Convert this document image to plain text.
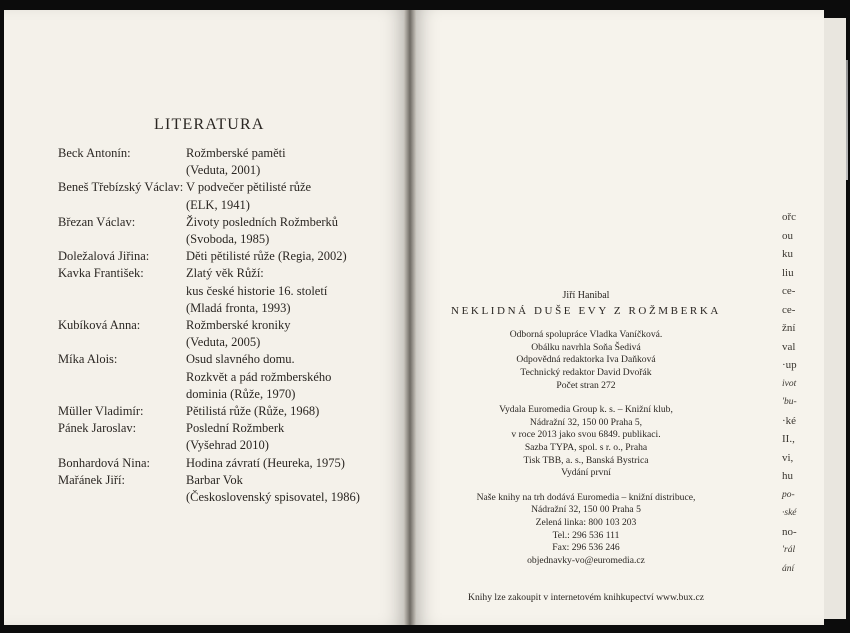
LITERATURA
Beck Antonín:	Rožmberské paměti
(Veduta, 2001)
Beneš Třebízský Václav: V podvečer pětilisté růže
(ELK, 1941)
Březan Václav:	Životy posledních Rožmberků
(Svoboda, 1985)
Doležalová Jiřina:	Děti pětilisté růže (Regia, 2002)
Kavka František:	Zlatý věk Růží:
kus české historie 16. století
(Mladá fronta, 1993)
Kubíková Anna:	Rožmberské kroniky
(Veduta, 2005)
Míka Alois:	Osud slavného domu.
Rozkvět a pád rožmberského
dominia (Růže, 1970)
Müller Vladimír:	Pětilistá růže (Růže, 1968)
Pánek Jaroslav:	Poslední Rožmberk
(Vyšehrad 2010)
Bonhardová Nina:	Hodina závratí (Heureka, 1975)
Mařánek Jiří:	Barbar Vok
(Československý spisovatel, 1986)
Jiří Hanibal
NEKLIDNÁ DUŠE EVY Z ROŽMBERKA
Odborná spolupráce Vladka Vaníčková.
Obálku navrhla Soňa Šedivá
Odpovědná redaktorka Iva Daňková
Technický redaktor David Dvořák
Počet stran 272
Vydala Euromedia Group k. s. – Knižní klub,
Nádražní 32, 150 00 Praha 5,
v roce 2013 jako svou 6849. publikaci.
Sazba TYPA, spol. s r. o., Praha
Tisk TBB, a. s., Banská Bystrica
Vydání první
Naše knihy na trh dodává Euromedia – knižní distribuce,
Nádražní 32, 150 00 Praha 5
Zelená linka: 800 103 203
Tel.: 296 536 111
Fax: 296 536 246
objednavky-vo@euromedia.cz
Knihy lze zakoupit v internetovém knihkupectví www.bux.cz
ořc
ou
ku
liu
ce-
ce-
žní
val
·up
ivot
'bu-
·ké
II.,
vi,
hu
po-
·ské
no-
'rál
ání
